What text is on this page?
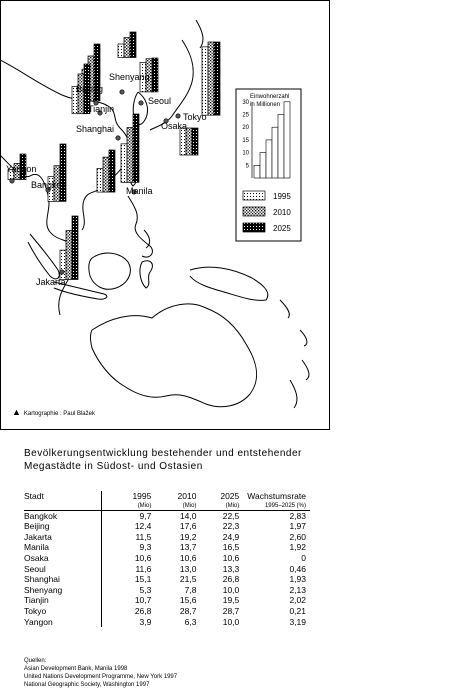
Shenyang
Beijing
Tianjin
Seoul
Tokyo
Osaka
Shanghai
Yangon
Bangkok
Manila
Jakarta
Einwohnerzahl
in Millionen
5
10
15
20
25
30
1995
2010
2025
▲ Kartographie : Paul Blažek
Bevölkerungsentwicklung bestehender und entstehender Megastädte in Südost- und Ostasien
Stadt	1995	2010	2025	Wachstumsrate
	(Mio)	(Mio)	(Mio)	1995–2025 (%)
Bangkok	9,7	14,0	22,5	2,83
Beijing	12,4	17,6	22,3	1,97
Jakarta	11,5	19,2	24,9	2,60
Manila	9,3	13,7	16,5	1,92
Osaka	10,6	10,6	10,6	0
Seoul	11,6	13,0	13,3	0,46
Shanghai	15,1	21,5	26,8	1,93
Shenyang	5,3	7,8	10,0	2,13
Tianjin	10,7	15,6	19,5	2,02
Tokyo	26,8	28,7	28,7	0,21
Yangon	3,9	6,3	10,0	3,19
Quellen:
Asian Development Bank, Manila 1998
United Nations Development Programme, New York 1997
National Geographic Society, Washington 1997
